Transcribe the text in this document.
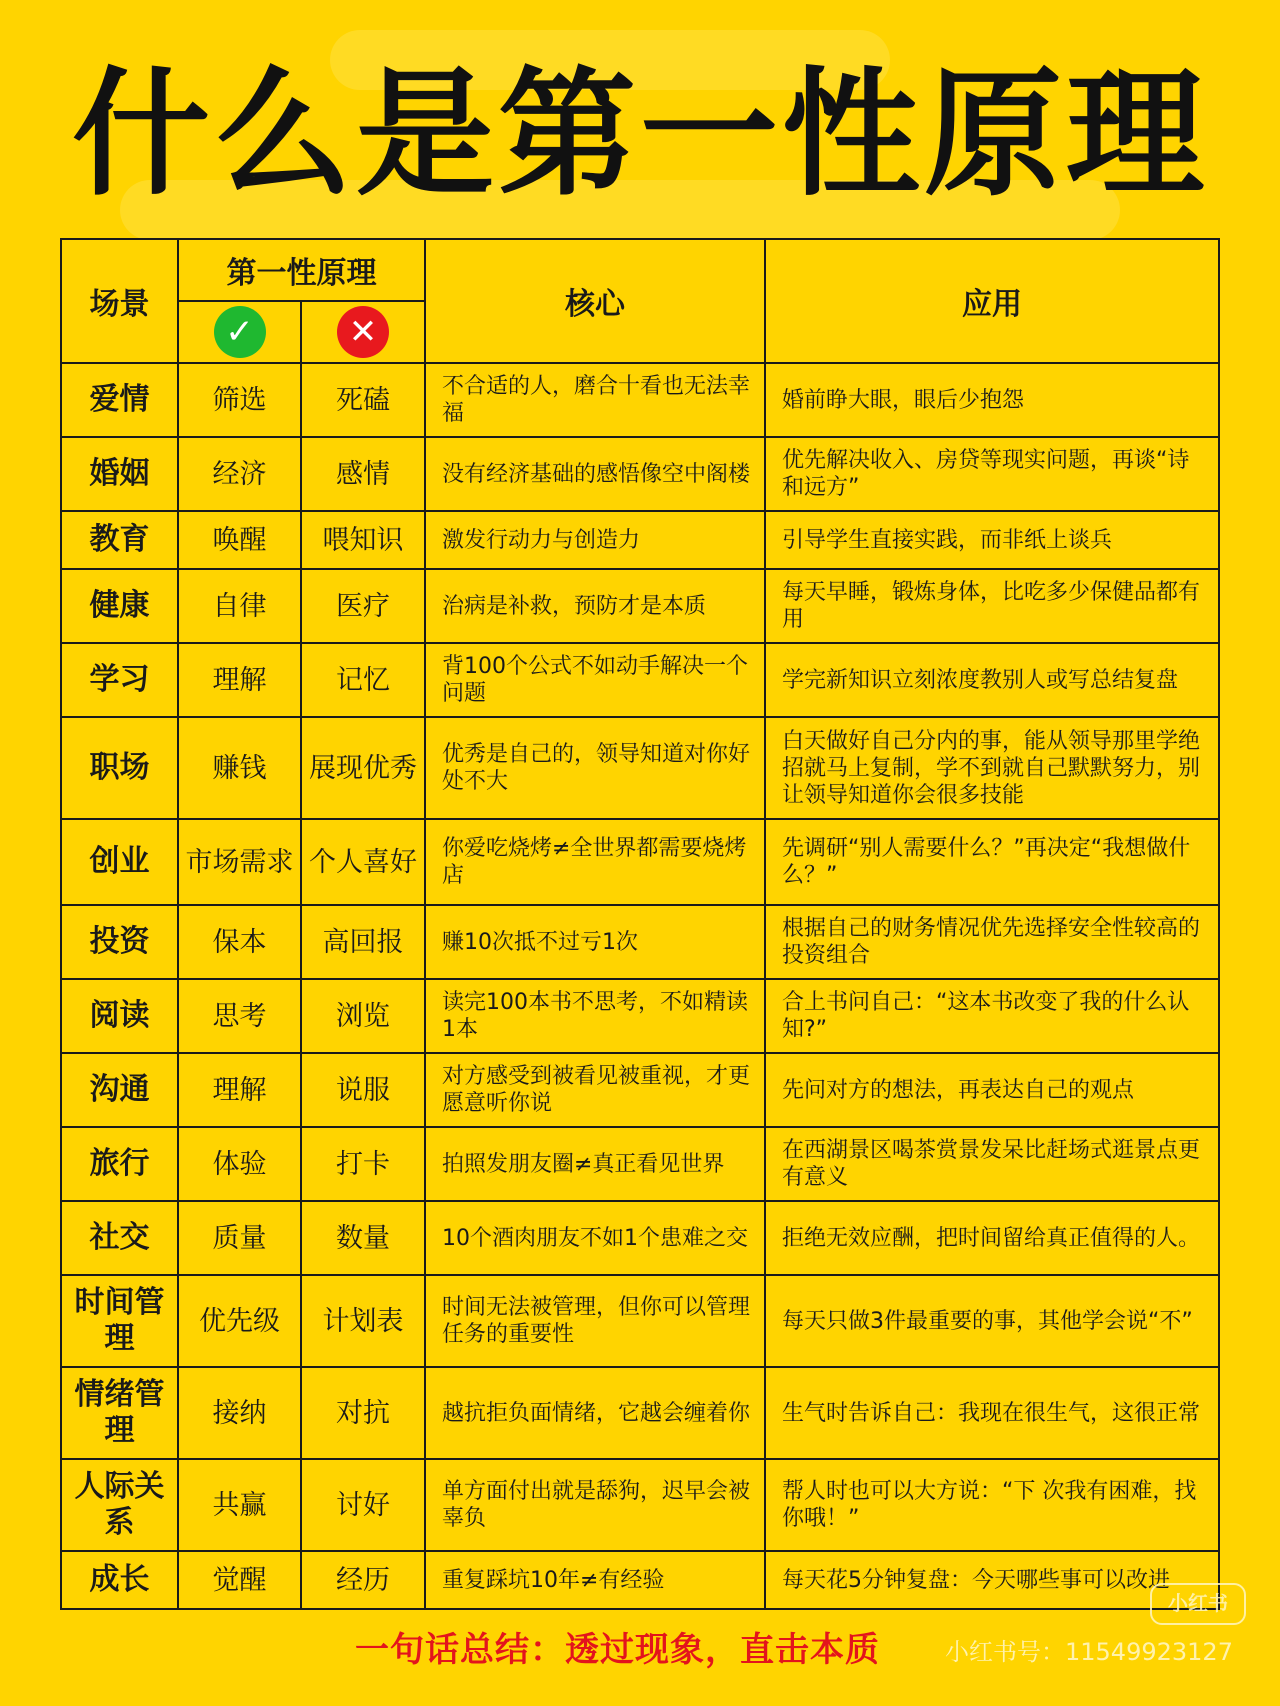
什么是第一性原理
场景	第一性原理		核心	应用
	✓	✕		
爱情	筛选	死磕	不合适的人，磨合十看也无法幸福	婚前睁大眼，眼后少抱怨
婚姻	经济	感情	没有经济基础的感悟像空中阁楼	优先解决收入、房贷等现实问题，再谈“诗和远方”
教育	唤醒	喂知识	激发行动力与创造力	引导学生直接实践，而非纸上谈兵
健康	自律	医疗	治病是补救，预防才是本质	每天早睡，锻炼身体，比吃多少保健品都有用
学习	理解	记忆	背100个公式不如动手解决一个问题	学完新知识立刻浓度教别人或写总结复盘
职场	赚钱	展现优秀	优秀是自己的，领导知道对你好处不大	白天做好自己分内的事，能从领导那里学绝招就马上复制，学不到就自己默默努力，别让领导知道你会很多技能
创业	市场需求	个人喜好	你爱吃烧烤≠全世界都需要烧烤店	先调研“别人需要什么？”再决定“我想做什么？”
投资	保本	高回报	赚10次抵不过亏1次	根据自己的财务情况优先选择安全性较高的投资组合
阅读	思考	浏览	读完100本书不思考，不如精读1本	合上书问自己：“这本书改变了我的什么认知?”
沟通	理解	说服	对方感受到被看见被重视，才更愿意听你说	先问对方的想法，再表达自己的观点
旅行	体验	打卡	拍照发朋友圈≠真正看见世界	在西湖景区喝茶赏景发呆比赶场式逛景点更有意义
社交	质量	数量	10个酒肉朋友不如1个患难之交	拒绝无效应酬，把时间留给真正值得的人。
时间管理	优先级	计划表	时间无法被管理，但你可以管理任务的重要性	每天只做3件最重要的事，其他学会说“不”
情绪管理	接纳	对抗	越抗拒负面情绪，它越会缠着你	生气时告诉自己：我现在很生气，这很正常
人际关系	共赢	讨好	单方面付出就是舔狗，迟早会被辜负	帮人时也可以大方说：“下 次我有困难，找你哦！”
成长	觉醒	经历	重复踩坑10年≠有经验	每天花5分钟复盘：今天哪些事可以改进
一句话总结：透过现象，直击本质
小红书
小红书号：115499231​27
